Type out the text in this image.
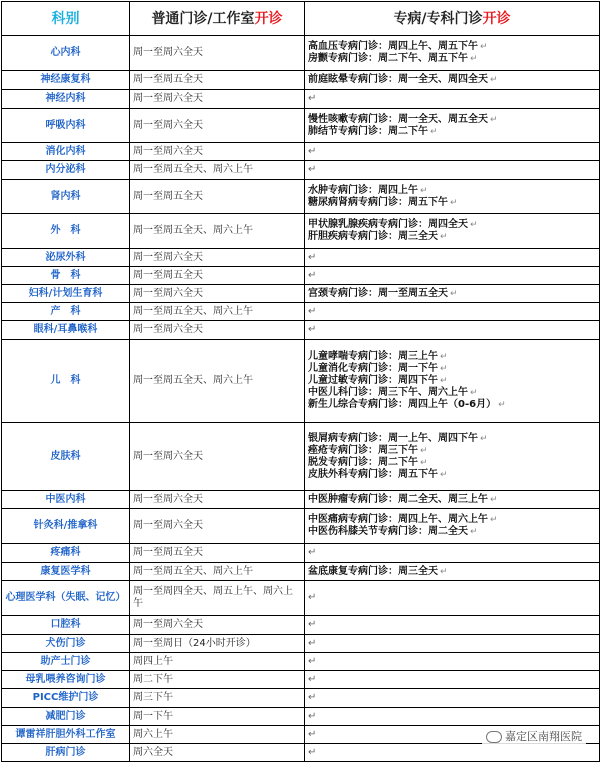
科别	普通门诊/工作室开诊	专病/专科门诊开诊
心内科	周一至周六全天	高血压专病门诊：周四上午、周五下午 ↵
房颤专病门诊：周二下午、周五下午 ↵

神经康复科	周一至周五全天	前庭眩晕专病门诊：周一全天、周四全天 ↵

神经内科	周一至周六全天	↵
呼吸内科	周一至周六全天	慢性咳嗽专病门诊：周一全天、周五全天 ↵
肺结节专病门诊：周二下午 ↵

消化内科	周一至周六全天	↵
内分泌科	周一至周五全天、周六上午	↵
肾内科	周一至周五全天	水肿专病门诊：周四上午 ↵
糖尿病肾病专病门诊：周五下午 ↵

外　科	周一至周五全天、周六上午	甲状腺乳腺疾病专病门诊：周四全天 ↵
肝胆疾病专病门诊：周三全天 ↵

泌尿外科	周一至周六全天	↵
骨　科	周一至周五全天	↵
妇科/计划生育科	周一至周六全天	宫颈专病门诊：周一至周五全天 ↵

产　科	周一至周五全天、周六上午	↵
眼科/耳鼻喉科	周一至周六全天	↵
儿　科	周一至周五全天、周六上午	儿童哮喘专病门诊：周三上午 ↵
儿童消化专病门诊：周一下午 ↵
儿童过敏专病门诊：周四下午 ↵
中医儿科门诊：周三下午、周六上午 ↵
新生儿综合专病门诊：周四上午（0-6月） ↵

皮肤科	周一至周六全天	银屑病专病门诊：周一上午、周四下午 ↵
痤疮专病门诊：周三下午 ↵
脱发专病门诊：周二下午 ↵
皮肤外科专病门诊：周五下午 ↵

中医内科	周一至周六全天	中医肿瘤专病门诊：周二全天、周三上午 ↵

针灸科/推拿科	周一至周六全天	中医痛病专病门诊：周四上午、周六上午 ↵
中医伤科膝关节专病门诊：周二全天 ↵

疼痛科	周一至周五全天	↵
康复医学科	周一至周五全天、周六上午	盆底康复专病门诊：周三全天 ↵

心理医学科（失眠、记忆）	周一至周四全天、周五上午、周六上午	↵
口腔科	周一至周六全天	↵
犬伤门诊	周一至周日（24小时开诊）	↵
助产士门诊	周四上午	↵
母乳喂养咨询门诊	周二下午	↵
PICC维护门诊	周三下午	↵
减肥门诊	周一下午	↵
谭雷祥肝胆外科工作室	周六上午	↵
肝病门诊	周六全天	↵
嘉定区南翔医院
